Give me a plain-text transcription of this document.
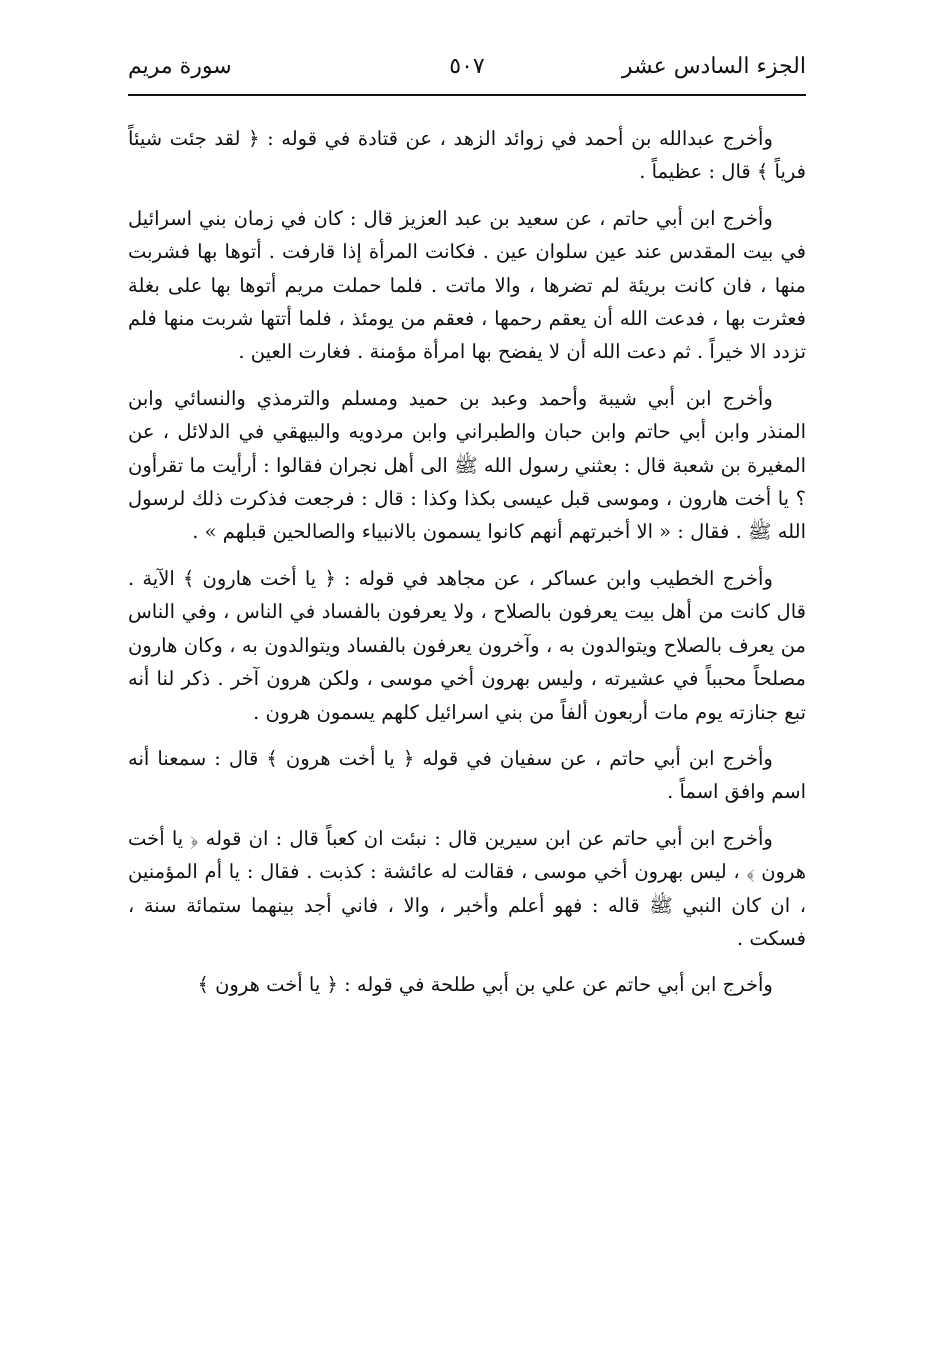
الجزء السادس عشر
٥٠٧
سورة مريم

وأخرج عبدالله بن أحمد في زوائد الزهد ، عن قتادة في قوله : ﴿ لقد جئت شيئاً فرياً ﴾ قال : عظيماً .

وأخرج ابن أبي حاتم ، عن سعيد بن عبد العزيز قال : كان في زمان بني اسرائيل في بيت المقدس عند عين سلوان عين . فكانت المرأة إذا قارفت . أتوها بها فشربت منها ، فان كانت بريئة لم تضرها ، والا ماتت . فلما حملت مريم أتوها بها على بغلة فعثرت بها ، فدعت الله أن يعقم رحمها ، فعقم من يومئذ ، فلما أتتها شربت منها فلم تزدد الا خيراً . ثم دعت الله أن لا يفضح بها امرأة مؤمنة . فغارت العين .

وأخرج ابن أبي شيبة وأحمد وعبد بن حميد ومسلم والترمذي والنسائي وابن المنذر وابن أبي حاتم وابن حبان والطبراني وابن مردويه والبيهقي في الدلائل ، عن المغيرة بن شعبة قال : بعثني رسول الله ﷺ الى أهل نجران فقالوا : أرأيت ما تقرأون ؟ يا أخت هارون ، وموسى قبل عيسى بكذا وكذا : قال : فرجعت فذكرت ذلك لرسول الله ﷺ . فقال : « الا أخبرتهم أنهم كانوا يسمون بالانبياء والصالحين قبلهم » .

وأخرج الخطيب وابن عساكر ، عن مجاهد في قوله : ﴿ يا أخت هارون ﴾ الآية . قال كانت من أهل بيت يعرفون بالصلاح ، ولا يعرفون بالفساد في الناس ، وفي الناس من يعرف بالصلاح ويتوالدون به ، وآخرون يعرفون بالفساد ويتوالدون به ، وكان هارون مصلحاً محبباً في عشيرته ، وليس بهرون أخي موسى ، ولكن هرون آخر . ذكر لنا أنه تبع جنازته يوم مات أربعون ألفاً من بني اسرائيل كلهم يسمون هرون .

وأخرج ابن أبي حاتم ، عن سفيان في قوله ﴿ يا أخت هرون ﴾ قال : سمعنا أنه اسم وافق اسماً .

وأخرج ابن أبي حاتم عن ابن سيرين قال : نبئت ان كعباً قال : ان قوله ﴿ يا أخت هرون ﴾ ، ليس بهرون أخي موسى ، فقالت له عائشة : كذبت . فقال : يا أم المؤمنين ، ان كان النبي ﷺ قاله : فهو أعلم وأخبر ، والا ، فاني أجد بينهما ستمائة سنة ، فسكت .

وأخرج ابن أبي حاتم عن علي بن أبي طلحة في قوله : ﴿ يا أخت هرون ﴾
